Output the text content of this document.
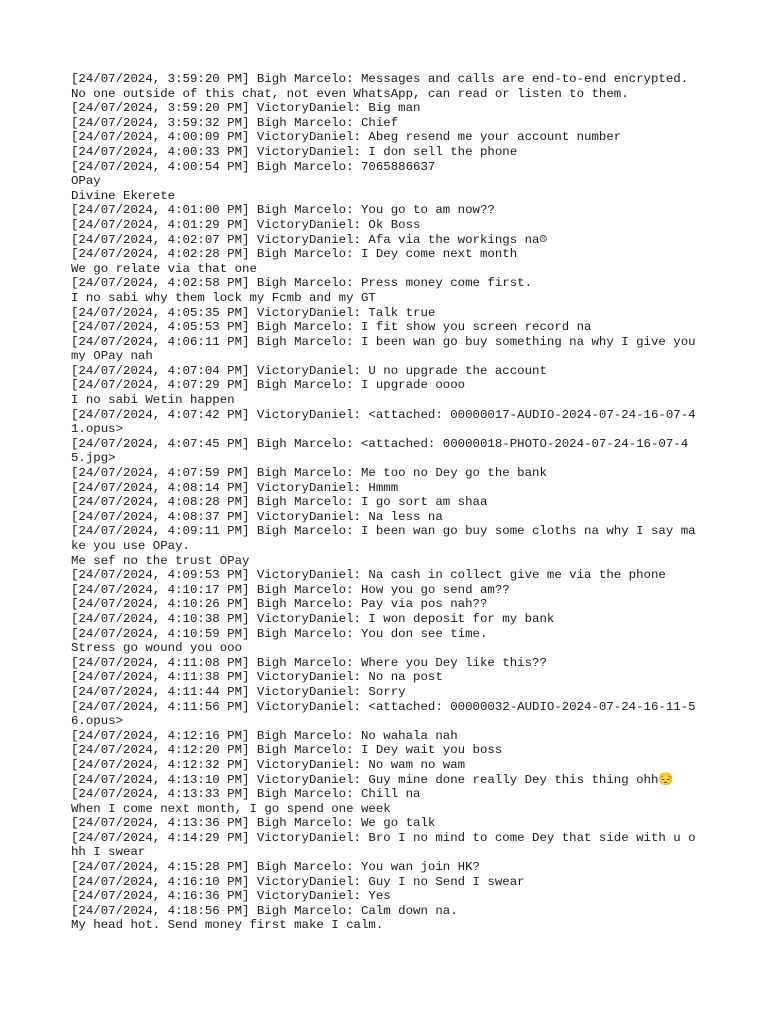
[24/07/2024, 3:59:20 PM] Bigh Marcelo: Messages and calls are end-to-end encrypted. No one outside of this chat, not even WhatsApp, can read or listen to them.
[24/07/2024, 3:59:20 PM] VictoryDaniel: Big man
[24/07/2024, 3:59:32 PM] Bigh Marcelo: Chief
[24/07/2024, 4:00:09 PM] VictoryDaniel: Abeg resend me your account number
[24/07/2024, 4:00:33 PM] VictoryDaniel: I don sell the phone
[24/07/2024, 4:00:54 PM] Bigh Marcelo: 7065886637
OPay
Divine Ekerete
[24/07/2024, 4:01:00 PM] Bigh Marcelo: You go to am now??
[24/07/2024, 4:01:29 PM] VictoryDaniel: Ok Boss
[24/07/2024, 4:02:07 PM] VictoryDaniel: Afa via the workings na☹
[24/07/2024, 4:02:28 PM] Bigh Marcelo: I Dey come next month
We go relate via that one
[24/07/2024, 4:02:58 PM] Bigh Marcelo: Press money come first.
I no sabi why them lock my Fcmb and my GT
[24/07/2024, 4:05:35 PM] VictoryDaniel: Talk true
[24/07/2024, 4:05:53 PM] Bigh Marcelo: I fit show you screen record na
[24/07/2024, 4:06:11 PM] Bigh Marcelo: I been wan go buy something na why I give you my OPay nah
[24/07/2024, 4:07:04 PM] VictoryDaniel: U no upgrade the account
[24/07/2024, 4:07:29 PM] Bigh Marcelo: I upgrade oooo
I no sabi Wetin happen
[24/07/2024, 4:07:42 PM] VictoryDaniel: <attached: 00000017-AUDIO-2024-07-24-16-07-41.opus>
[24/07/2024, 4:07:45 PM] Bigh Marcelo: <attached: 00000018-PHOTO-2024-07-24-16-07-45.jpg>
[24/07/2024, 4:07:59 PM] Bigh Marcelo: Me too no Dey go the bank
[24/07/2024, 4:08:14 PM] VictoryDaniel: Hmmm
[24/07/2024, 4:08:28 PM] Bigh Marcelo: I go sort am shaa
[24/07/2024, 4:08:37 PM] VictoryDaniel: Na less na
[24/07/2024, 4:09:11 PM] Bigh Marcelo: I been wan go buy some cloths na why I say make you use OPay.
Me sef no the trust OPay
[24/07/2024, 4:09:53 PM] VictoryDaniel: Na cash in collect give me via the phone
[24/07/2024, 4:10:17 PM] Bigh Marcelo: How you go send am??
[24/07/2024, 4:10:26 PM] Bigh Marcelo: Pay via pos nah??
[24/07/2024, 4:10:38 PM] VictoryDaniel: I won deposit for my bank
[24/07/2024, 4:10:59 PM] Bigh Marcelo: You don see time.
Stress go wound you ooo
[24/07/2024, 4:11:08 PM] Bigh Marcelo: Where you Dey like this??
[24/07/2024, 4:11:38 PM] VictoryDaniel: No na post
[24/07/2024, 4:11:44 PM] VictoryDaniel: Sorry
[24/07/2024, 4:11:56 PM] VictoryDaniel: <attached: 00000032-AUDIO-2024-07-24-16-11-56.opus>
[24/07/2024, 4:12:16 PM] Bigh Marcelo: No wahala nah
[24/07/2024, 4:12:20 PM] Bigh Marcelo: I Dey wait you boss
[24/07/2024, 4:12:32 PM] VictoryDaniel: No wam no wam
[24/07/2024, 4:13:10 PM] VictoryDaniel: Guy mine done really Dey this thing ohh😔
[24/07/2024, 4:13:33 PM] Bigh Marcelo: Chill na
When I come next month, I go spend one week
[24/07/2024, 4:13:36 PM] Bigh Marcelo: We go talk
[24/07/2024, 4:14:29 PM] VictoryDaniel: Bro I no mind to come Dey that side with u ohh I swear
[24/07/2024, 4:15:28 PM] Bigh Marcelo: You wan join HK?
[24/07/2024, 4:16:10 PM] VictoryDaniel: Guy I no Send I swear
[24/07/2024, 4:16:36 PM] VictoryDaniel: Yes
[24/07/2024, 4:18:56 PM] Bigh Marcelo: Calm down na.
My head hot. Send money first make I calm.
